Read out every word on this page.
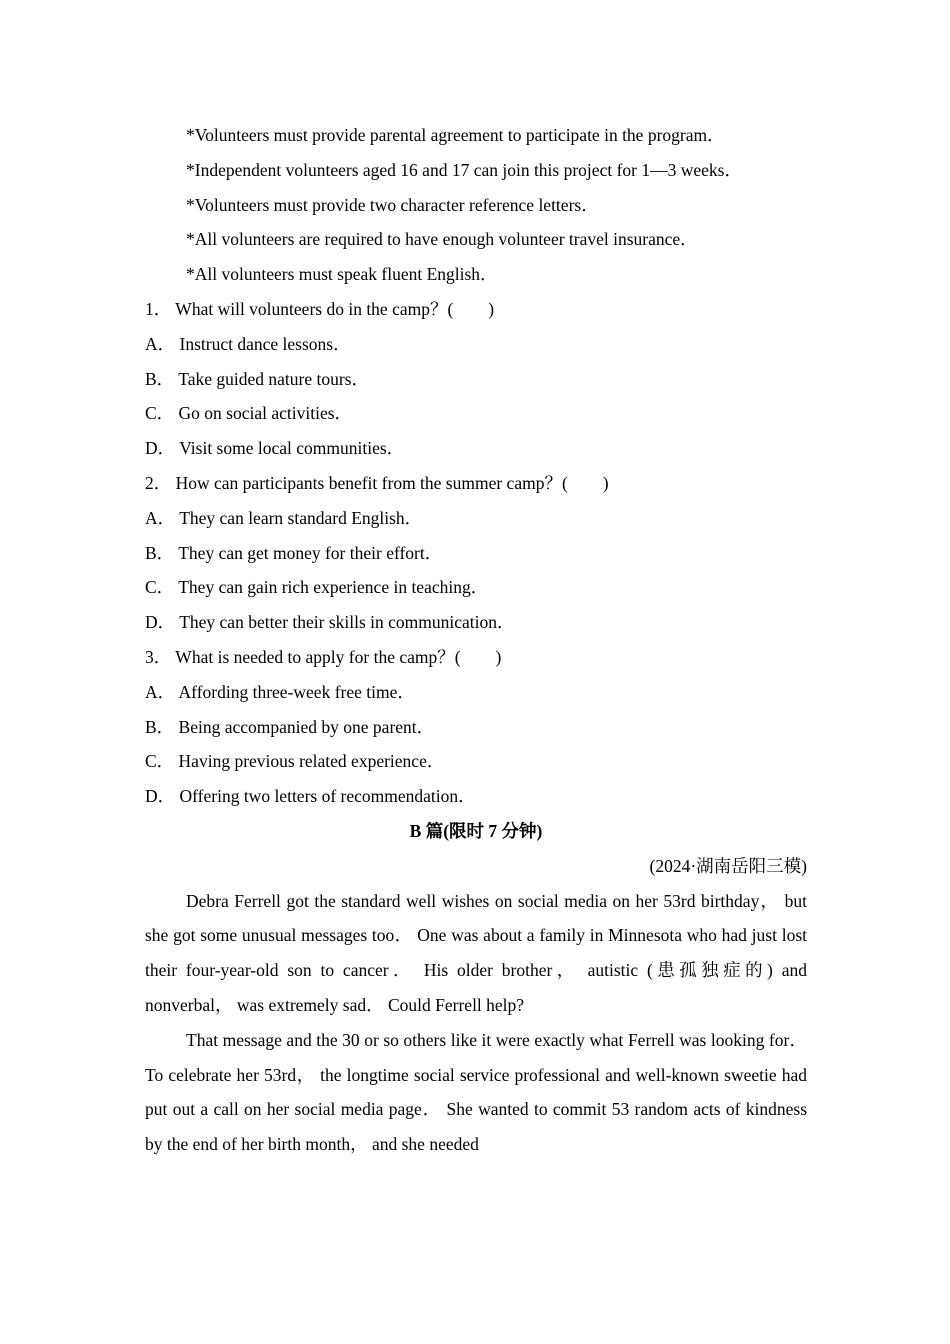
*Volunteers must provide parental agreement to participate in the program．
*Independent volunteers aged 16 and 17 can join this project for 1—3 weeks．
*Volunteers must provide two character reference letters．
*All volunteers are required to have enough volunteer travel insurance．
*All volunteers must speak fluent English．
1． What will volunteers do in the camp？(　　)
A． Instruct dance lessons．
B． Take guided nature tours．
C． Go on social activities．
D． Visit some local communities．
2． How can participants benefit from the summer camp？(　　)
A． They can learn standard English．
B． They can get money for their effort．
C． They can gain rich experience in teaching．
D． They can better their skills in communication．
3． What is needed to apply for the camp？(　　)
A． Affording three-week free time．
B． Being accompanied by one parent．
C． Having previous related experience．
D． Offering two letters of recommendation．
B 篇(限时 7 分钟)
(2024·湖南岳阳三模)

Debra Ferrell got the standard well wishes on social media on her 53rd birthday， but she got some unusual messages too． One was about a family in Minnesota who had just lost their four-year-old son to cancer． His older brother， autistic (患孤独症的) and nonverbal， was extremely sad． Could Ferrell help?

That message and the 30 or so others like it were exactly what Ferrell was looking for． To celebrate her 53rd， the longtime social service professional and well-known sweetie had put out a call on her social media page． She wanted to commit 53 random acts of kindness by the end of her birth month， and she needed
